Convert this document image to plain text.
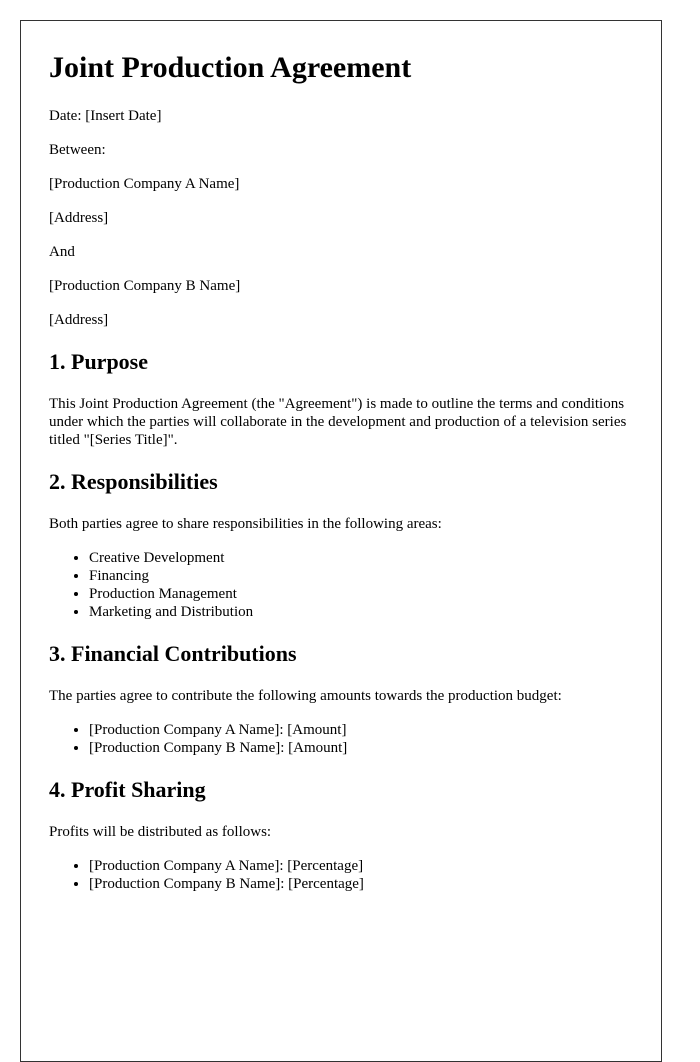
Joint Production Agreement

Date: [Insert Date]

Between:

[Production Company A Name]

[Address]

And

[Production Company B Name]

[Address]

1. Purpose

This Joint Production Agreement (the "Agreement") is made to outline the terms and conditions under which the parties will collaborate in the development and production of a television series titled "[Series Title]".

2. Responsibilities

Both parties agree to share responsibilities in the following areas:

• Creative Development
• Financing
• Production Management
• Marketing and Distribution
3. Financial Contributions

The parties agree to contribute the following amounts towards the production budget:

• [Production Company A Name]: [Amount]
• [Production Company B Name]: [Amount]
4. Profit Sharing

Profits will be distributed as follows:

• [Production Company A Name]: [Percentage]
• [Production Company B Name]: [Percentage]
